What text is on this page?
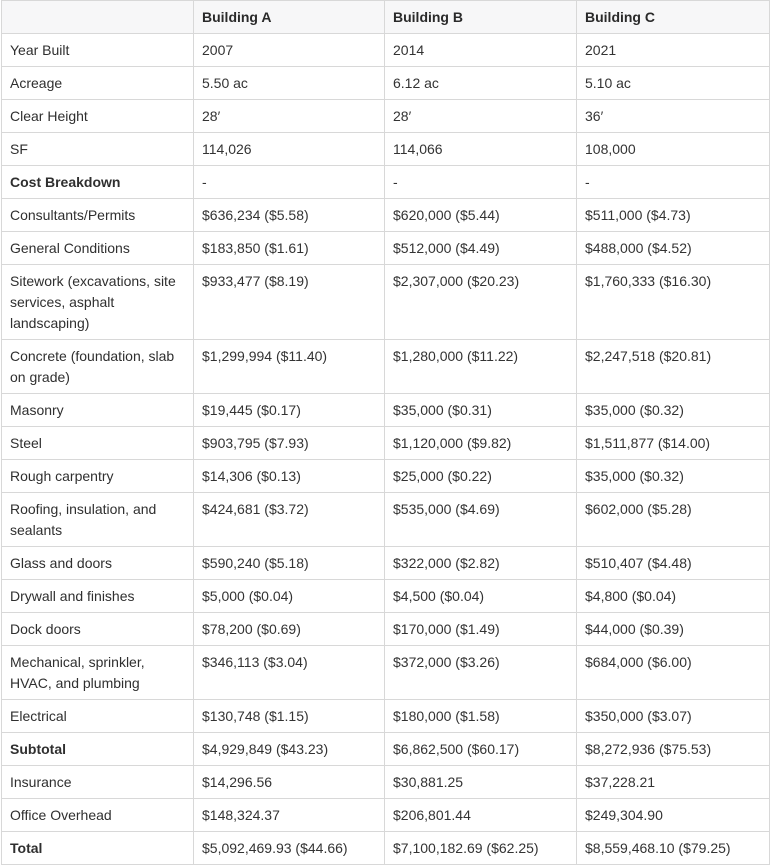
	Building A	Building B	Building C
Year Built	2007	2014	2021
Acreage	5.50 ac	6.12 ac	5.10 ac
Clear Height	28′	28′	36′
SF	114,026	114,066	108,000
Cost Breakdown	-	-	-
Consultants/Permits	$636,234 ($5.58)	$620,000 ($5.44)	$511,000 ($4.73)
General Conditions	$183,850 ($1.61)	$512,000 ($4.49)	$488,000 ($4.52)
Sitework (excavations, site services, asphalt landscaping)	$933,477 ($8.19)	$2,307,000 ($20.23)	$1,760,333 ($16.30)
Concrete (foundation, slab on grade)	$1,299,994 ($11.40)	$1,280,000 ($11.22)	$2,247,518 ($20.81)
Masonry	$19,445 ($0.17)	$35,000 ($0.31)	$35,000 ($0.32)
Steel	$903,795 ($7.93)	$1,120,000 ($9.82)	$1,511,877 ($14.00)
Rough carpentry	$14,306 ($0.13)	$25,000 ($0.22)	$35,000 ($0.32)
Roofing, insulation, and sealants	$424,681 ($3.72)	$535,000 ($4.69)	$602,000 ($5.28)
Glass and doors	$590,240 ($5.18)	$322,000 ($2.82)	$510,407 ($4.48)
Drywall and finishes	$5,000 ($0.04)	$4,500 ($0.04)	$4,800 ($0.04)
Dock doors	$78,200 ($0.69)	$170,000 ($1.49)	$44,000 ($0.39)
Mechanical, sprinkler, HVAC, and plumbing	$346,113 ($3.04)	$372,000 ($3.26)	$684,000 ($6.00)
Electrical	$130,748 ($1.15)	$180,000 ($1.58)	$350,000 ($3.07)
Subtotal	$4,929,849 ($43.23)	$6,862,500 ($60.17)	$8,272,936 ($75.53)
Insurance	$14,296.56	$30,881.25	$37,228.21
Office Overhead	$148,324.37	$206,801.44	$249,304.90
Total	$5,092,469.93 ($44.66)	$7,100,182.69 ($62.25)	$8,559,468.10 ($79.25)
